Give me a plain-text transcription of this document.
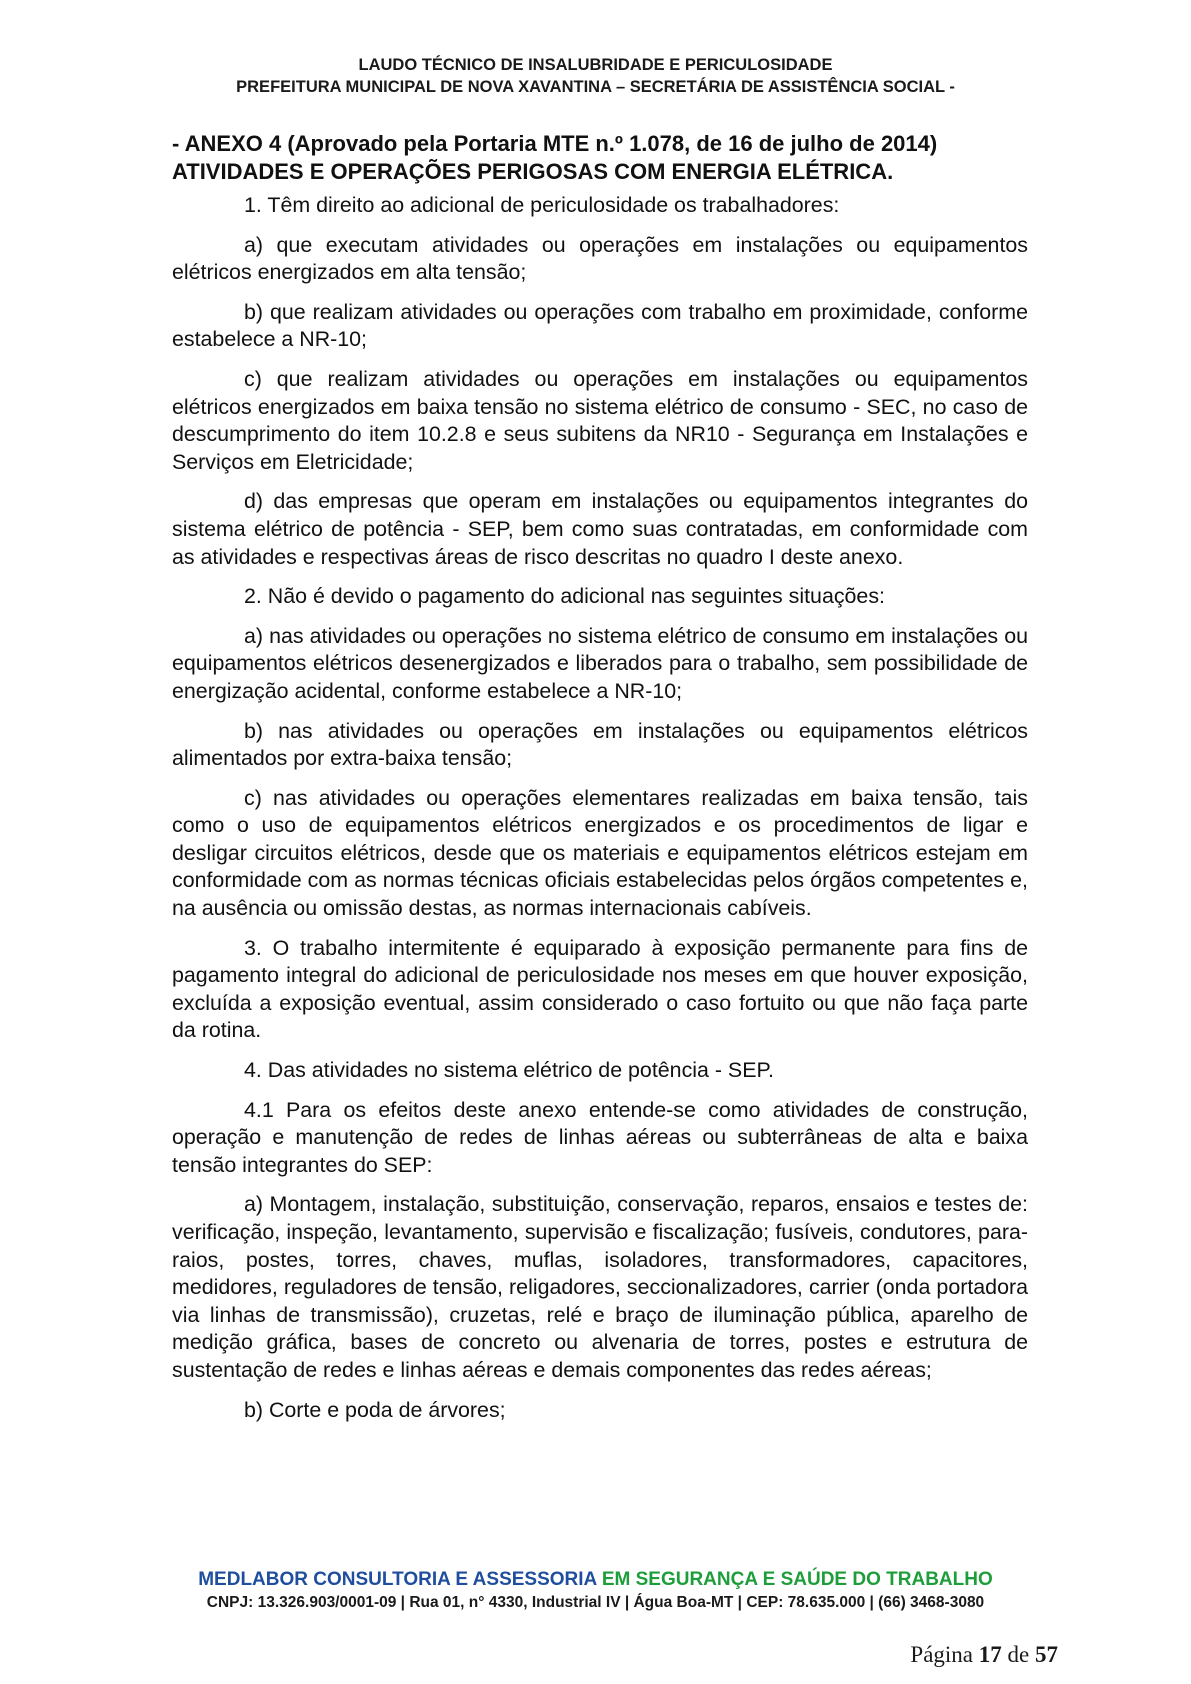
LAUDO TÉCNICO DE INSALUBRIDADE E PERICULOSIDADE
PREFEITURA MUNICIPAL DE NOVA XAVANTINA – SECRETÁRIA DE ASSISTÊNCIA SOCIAL -
- ANEXO 4 (Aprovado pela Portaria MTE n.º 1.078, de 16 de julho de 2014)
ATIVIDADES E OPERAÇÕES PERIGOSAS COM ENERGIA ELÉTRICA.

1. Têm direito ao adicional de periculosidade os trabalhadores:

a) que executam atividades ou operações em instalações ou equipamentos elétricos energizados em alta tensão;

b) que realizam atividades ou operações com trabalho em proximidade, conforme estabelece a NR-10;

c) que realizam atividades ou operações em instalações ou equipamentos elétricos energizados em baixa tensão no sistema elétrico de consumo - SEC, no caso de descumprimento do item 10.2.8 e seus subitens da NR10 - Segurança em Instalações e Serviços em Eletricidade;

d) das empresas que operam em instalações ou equipamentos integrantes do sistema elétrico de potência - SEP, bem como suas contratadas, em conformidade com as atividades e respectivas áreas de risco descritas no quadro I deste anexo.

2. Não é devido o pagamento do adicional nas seguintes situações:

a) nas atividades ou operações no sistema elétrico de consumo em instalações ou equipamentos elétricos desenergizados e liberados para o trabalho, sem possibilidade de energização acidental, conforme estabelece a NR-10;

b) nas atividades ou operações em instalações ou equipamentos elétricos alimentados por extra-baixa tensão;

c) nas atividades ou operações elementares realizadas em baixa tensão, tais como o uso de equipamentos elétricos energizados e os procedimentos de ligar e desligar circuitos elétricos, desde que os materiais e equipamentos elétricos estejam em conformidade com as normas técnicas oficiais estabelecidas pelos órgãos competentes e, na ausência ou omissão destas, as normas internacionais cabíveis.

3. O trabalho intermitente é equiparado à exposição permanente para fins de pagamento integral do adicional de periculosidade nos meses em que houver exposição, excluída a exposição eventual, assim considerado o caso fortuito ou que não faça parte da rotina.

4. Das atividades no sistema elétrico de potência - SEP.

4.1 Para os efeitos deste anexo entende-se como atividades de construção, operação e manutenção de redes de linhas aéreas ou subterrâneas de alta e baixa tensão integrantes do SEP:

a) Montagem, instalação, substituição, conservação, reparos, ensaios e testes de: verificação, inspeção, levantamento, supervisão e fiscalização; fusíveis, condutores, para-raios, postes, torres, chaves, muflas, isoladores, transformadores, capacitores, medidores, reguladores de tensão, religadores, seccionalizadores, carrier (onda portadora via linhas de transmissão), cruzetas, relé e braço de iluminação pública, aparelho de medição gráfica, bases de concreto ou alvenaria de torres, postes e estrutura de sustentação de redes e linhas aéreas e demais componentes das redes aéreas;

b) Corte e poda de árvores;

MEDLABOR CONSULTORIA E ASSESSORIA EM SEGURANÇA E SAÚDE DO TRABALHO
CNPJ: 13.326.903/0001-09 | Rua 01, n° 4330, Industrial IV | Água Boa-MT | CEP: 78.635.000 | (66) 3468-3080
Página 17 de 57
